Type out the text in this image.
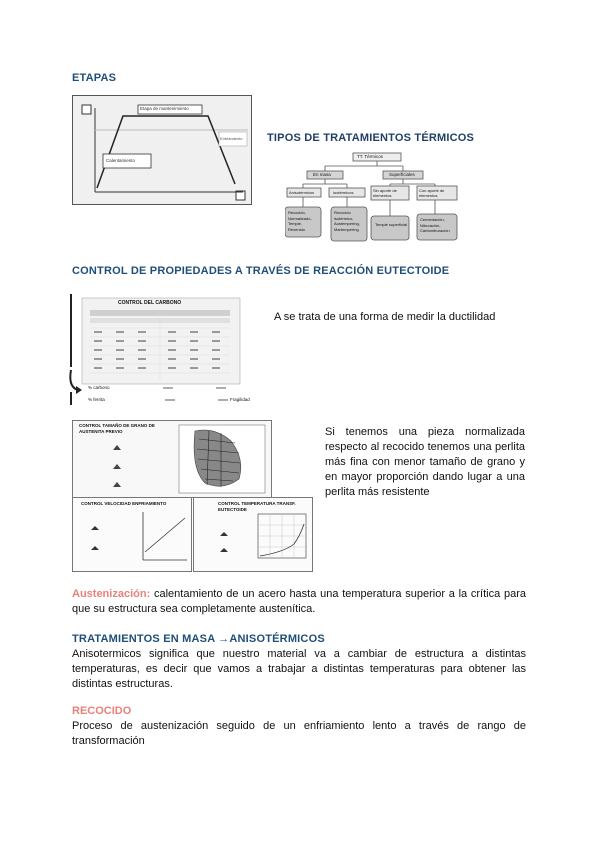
ETAPAS
Etapa de mantenimiento
Calentamiento
Enfriamiento TIPOS DE TRATAMIENTOS TÉRMICOS
TT. Térmicos
En masa	Superficiales
Anisotérmicos	Isotérmicos	Sin aporte de elementos
Con aporte de elementos
Recocido, Normalizado, Temple, Revenido
Recocido isotérmico, Austempering, Martempering
Temple superficial
Cementación, Nitruración, Carbonitruración
CONTROL DE PROPIEDADES A TRAVÉS DE REACCIÓN EUTECTOIDE
CONTROL DEL CARBONO
% carbono
% ferrita	Fragilidad
A se trata de una forma de medir la ductilidad
CONTROL TAMAÑO DE GRANO DE AUSTENITA PREVIO	Si tenemos una pieza normalizada respecto al recocido tenemos una perlita más fina con menor tamaño de grano y en mayor proporción dando lugar a una perlita más resistente
CONTROL VELOCIDAD ENFRIAMIENTO	CONTROL TEMPERATURA TRANSF. EUTECTOIDE
Austenización: calentamiento de un acero hasta una temperatura superior a la crítica para que su estructura sea completamente austenítica.
TRATAMIENTOS EN MASA →ANISOTÉRMICOS
Anisotermicos significa que nuestro material va a cambiar de estructura a distintas temperaturas, es decir que vamos a trabajar a distintas temperaturas para obtener las distintas estructuras.
RECOCIDO
Proceso de austenización seguido de un enfriamiento lento a través de rango de transformación
